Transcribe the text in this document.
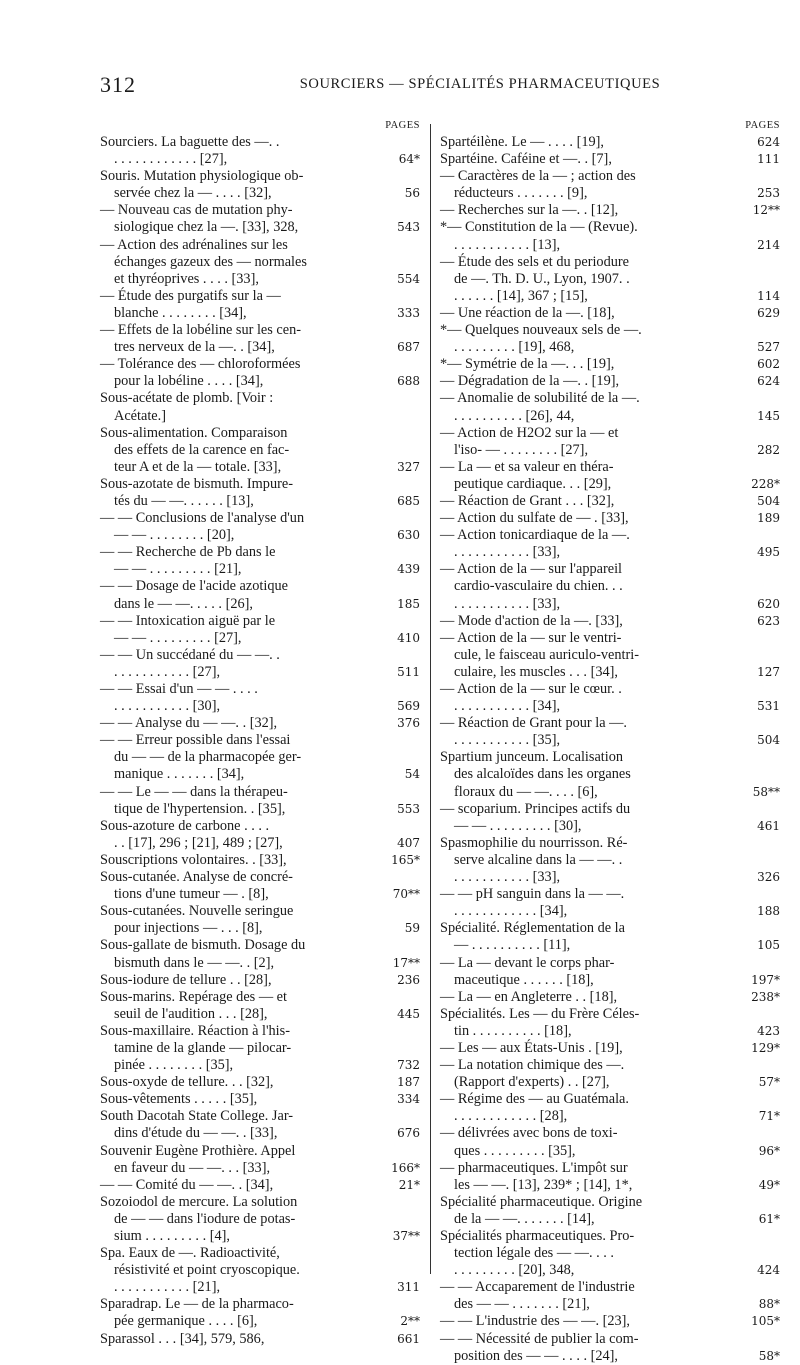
312	SOURCIERS — SPÉCIALITÉS PHARMACEUTIQUES
PAGES
Sourciers. La baguette des —. .
. . . . . . . . . . . . [27],	64*
Souris. Mutation physiologique ob-
servée chez la — . . . . [32],	56
— Nouveau cas de mutation phy-
siologique chez la —. [33], 328,	543
— Action des adrénalines sur les
échanges gazeux des — normales
et thyréoprives . . . . [33],	554
— Étude des purgatifs sur la —
blanche . . . . . . . . [34],	333
— Effets de la lobéline sur les cen-
tres nerveux de la —. . [34],	687
— Tolérance des — chloroformées
pour la lobéline . . . . [34],	688
Sous-acétate de plomb. [Voir :
Acétate.]
Sous-alimentation. Comparaison
des effets de la carence en fac-
teur A et de la — totale. [33],	327
Sous-azotate de bismuth. Impure-
tés du — —. . . . . . [13],	685
— — Conclusions de l'analyse d'un
— — . . . . . . . . [20],	630
— — Recherche de Pb dans le
— — . . . . . . . . . [21],	439
— — Dosage de l'acide azotique
dans le — —. . . . . [26],	185
— — Intoxication aiguë par le
— — . . . . . . . . . [27],	410
— — Un succédané du — —. .
. . . . . . . . . . . [27],	511
— — Essai d'un — — . . . .
. . . . . . . . . . . [30],	569
— — Analyse du — —. . [32],	376
— — Erreur possible dans l'essai
du — — de la pharmacopée ger-
manique . . . . . . . [34],	54
— — Le — — dans la thérapeu-
tique de l'hypertension. . [35],	553
Sous-azoture de carbone . . . .
. . [17], 296 ; [21], 489 ; [27],	407
Souscriptions volontaires. . [33],	165*
Sous-cutanée. Analyse de concré-
tions d'une tumeur — . [8],	70**
Sous-cutanées. Nouvelle seringue
pour injections — . . . [8],	59
Sous-gallate de bismuth. Dosage du
bismuth dans le — —. . [2],	17**
Sous-iodure de tellure . . [28],	236
Sous-marins. Repérage des — et
seuil de l'audition . . . [28],	445
Sous-maxillaire. Réaction à l'his-
tamine de la glande — pilocar-
pinée . . . . . . . . [35],	732
Sous-oxyde de tellure. . . [32],	187
Sous-vêtements . . . . . [35],	334
South Dacotah State College. Jar-
dins d'étude du — —. . [33],	676
Souvenir Eugène Prothière. Appel
en faveur du — —. . . [33],	166*
— — Comité du — —. . [34],	21*
Sozoiodol de mercure. La solution
de — — dans l'iodure de potas-
sium . . . . . . . . . [4],	37**
Spa. Eaux de —. Radioactivité,
résistivité et point cryoscopique.
. . . . . . . . . . . [21],	311
Sparadrap. Le — de la pharmaco-
pée germanique . . . . [6],	2**
Sparassol . . . [34], 579, 586,	661
PAGES
Spartéilène. Le — . . . . [19],	624
Spartéine. Caféine et —. . [7],	111
— Caractères de la — ; action des
réducteurs . . . . . . . [9],	253
— Recherches sur la —. . [12],	12**
*— Constitution de la — (Revue).
. . . . . . . . . . . [13],	214
— Étude des sels et du periodure
de —. Th. D. U., Lyon, 1907. .
. . . . . . [14], 367 ; [15],	114
— Une réaction de la —. [18],	629
*— Quelques nouveaux sels de —.
. . . . . . . . . [19], 468,	527
*— Symétrie de la —. . . [19],	602
— Dégradation de la —. . [19],	624
— Anomalie de solubilité de la —.
. . . . . . . . . . [26], 44,	145
— Action de H2O2 sur la — et
l'iso- — . . . . . . . . [27],	282
— La — et sa valeur en théra-
peutique cardiaque. . . [29],	228*
— Réaction de Grant . . . [32],	504
— Action du sulfate de — . [33],	189
— Action tonicardiaque de la —.
. . . . . . . . . . . [33],	495
— Action de la — sur l'appareil
cardio-vasculaire du chien. . .
. . . . . . . . . . . [33],	620
— Mode d'action de la —. [33],	623
— Action de la — sur le ventri-
cule, le faisceau auriculo-ventri-
culaire, les muscles . . . [34],	127
— Action de la — sur le cœur. .
. . . . . . . . . . . [34],	531
— Réaction de Grant pour la —.
. . . . . . . . . . . [35],	504
Spartium junceum. Localisation
des alcaloïdes dans les organes
floraux du — —. . . . [6],	58**
— scoparium. Principes actifs du
— — . . . . . . . . . [30],	461
Spasmophilie du nourrisson. Ré-
serve alcaline dans la — —. .
. . . . . . . . . . . [33],	326
— — pH sanguin dans la — —.
. . . . . . . . . . . . [34],	188
Spécialité. Réglementation de la
— . . . . . . . . . . [11],	105
— La — devant le corps phar-
maceutique . . . . . . [18],	197*
— La — en Angleterre . . [18],	238*
Spécialités. Les — du Frère Céles-
tin . . . . . . . . . . [18],	423
— Les — aux États-Unis . [19],	129*
— La notation chimique des —.
(Rapport d'experts) . . [27],	57*
— Régime des — au Guatémala.
. . . . . . . . . . . . [28],	71*
— délivrées avec bons de toxi-
ques . . . . . . . . . [35],	96*
— pharmaceutiques. L'impôt sur
les — —. [13], 239* ; [14], 1*,	49*
Spécialité pharmaceutique. Origine
de la — —. . . . . . . [14],	61*
Spécialités pharmaceutiques. Pro-
tection légale des — —. . . .
. . . . . . . . . [20], 348,	424
— — Accaparement de l'industrie
des — — . . . . . . . [21],	88*
— — L'industrie des — —. [23],	105*
— — Nécessité de publier la com-
position des — — . . . . [24],	58*
